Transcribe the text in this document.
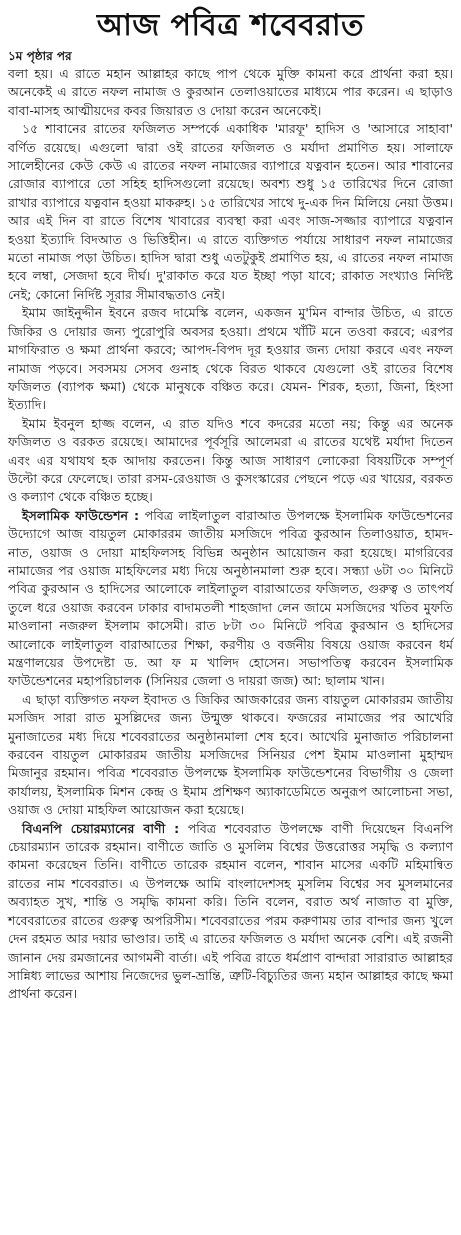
আজ পবিত্র শবেবরাত

১ম পৃষ্ঠার পর

বলা হয়। এ রাতে মহান আল্লাহর কাছে পাপ থেকে মুক্তি কামনা করে প্রার্থনা করা হয়। অনেকেই এ রাতে নফল নামাজ ও কুরআন তেলাওয়াতের মাধ্যমে পার করেন। এ ছাড়াও বাবা-মাসহ আত্মীয়দের কবর জিয়ারত ও দোয়া করেন অনেকেই।

১৫ শাবানের রাতের ফজিলত সম্পর্কে একাধিক 'মারফূ' হাদিস ও 'আসারে সাহাবা' বর্ণিত রয়েছে। এগুলো দ্বারা ওই রাতের ফজিলত ও মর্যাদা প্রমাণিত হয়। সালাফে সালেহীনের কেউ কেউ এ রাতের নফল নামাজের ব্যাপারে যত্নবান হতেন। আর শাবানের রোজার ব্যাপারে তো সহিহ হাদিসগুলো রয়েছে। অবশ্য শুধু ১৫ তারিখের দিনে রোজা রাখার ব্যাপারে যত্নবান হওয়া মাকরুহ। ১৫ তারিখের সাথে দু-এক দিন মিলিয়ে নেয়া উত্তম। আর এই দিন বা রাতে বিশেষ খাবারের ব্যবস্থা করা এবং সাজ-সজ্জার ব্যাপারে যত্নবান হওয়া ইত্যাদি বিদআত ও ভিত্তিহীন। এ রাতে ব্যক্তিগত পর্যায়ে সাধারণ নফল নামাজের মতো নামাজ পড়া উচিত। হাদিস দ্বারা শুধু এতটুকুই প্রমাণিত হয়, এ রাতের নফল নামাজ হবে লম্বা, সেজদা হবে দীর্ঘ। দু'রাকাত করে যত ইচ্ছা পড়া যাবে; রাকাত সংখ্যাও নির্দিষ্ট নেই; কোনো নির্দিষ্ট সূরার সীমাবদ্ধতাও নেই।

ইমাম জাইনুদ্দীন ইবনে রজব দামেস্কি বলেন, একজন মু'মিন বান্দার উচিত, এ রাতে জিকির ও দোয়ার জন্য পুরোপুরি অবসর হওয়া। প্রথমে খাঁটি মনে তওবা করবে; এরপর মাগফিরাত ও ক্ষমা প্রার্থনা করবে; আপদ-বিপদ দূর হওয়ার জন্য দোয়া করবে এবং নফল নামাজ পড়বে। সবসময় সেসব গুনাহ থেকে বিরত থাকবে যেগুলো ওই রাতের বিশেষ ফজিলত (ব্যাপক ক্ষমা) থেকে মানুষকে বঞ্চিত করে। যেমন- শিরক, হত্যা, জিনা, হিংসা ইত্যাদি।

ইমাম ইবনুল হাজ্জ বলেন, এ রাত যদিও শবে কদরের মতো নয়; কিন্তু এর অনেক ফজিলত ও বরকত রয়েছে। আমাদের পূর্বসূরি আলেমরা এ রাতের যথেষ্ট মর্যাদা দিতেন এবং এর যথাযথ হক আদায় করতেন। কিন্তু আজ সাধারণ লোকেরা বিষয়টিকে সম্পূর্ণ উল্টো করে ফেলেছে। তারা রসম-রেওয়াজ ও কুসংস্কারের পেছনে পড়ে এর খায়ের, বরকত ও কল্যাণ থেকে বঞ্চিত হচ্ছে।

ইসলামিক ফাউন্ডেশন : পবিত্র লাইলাতুল বারাআত উপলক্ষে ইসলামিক ফাউন্ডেশনের উদ্যোগে আজ বায়তুল মোকাররম জাতীয় মসজিদে পবিত্র কুরআন তিলাওয়াত, হামদ-নাত, ওয়াজ ও দোয়া মাহফিলসহ বিভিন্ন অনুষ্ঠান আয়োজন করা হয়েছে। মাগরিবের নামাজের পর ওয়াজ মাহফিলের মধ্য দিয়ে অনুষ্ঠানমালা শুরু হবে। সন্ধ্যা ৬টা ৩০ মিনিটে পবিত্র কুরআন ও হাদিসের আলোকে লাইলাতুল বারাআতের ফজিলত, গুরুত্ব ও তাৎপর্য তুলে ধরে ওয়াজ করবেন ঢাকার বাদামতলী শাহজাদা লেন জামে মসজিদের খতিব মুফতি মাওলানা নজরুল ইসলাম কাসেমী। রাত ৮টা ৩০ মিনিটে পবিত্র কুরআন ও হাদিসের আলোকে লাইলাতুল বারাআতের শিক্ষা, করণীয় ও বর্জনীয় বিষয়ে ওয়াজ করবেন ধর্ম মন্ত্রণালয়ের উপদেষ্টা ড. আ ফ ম খালিদ হোসেন। সভাপতিত্ব করবেন ইসলামিক ফাউন্ডেশনের মহাপরিচালক (সিনিয়র জেলা ও দায়রা জজ) আ: ছালাম খান।

এ ছাড়া ব্যক্তিগত নফল ইবাদত ও জিকির আজকারের জন্য বায়তুল মোকাররম জাতীয় মসজিদ সারা রাত মুসল্লিদের জন্য উন্মুক্ত থাকবে। ফজরের নামাজের পর আখেরি মুনাজাতের মধ্য দিয়ে শবেবরাতের অনুষ্ঠানমালা শেষ হবে। আখেরি মুনাজাত পরিচালনা করবেন বায়তুল মোকাররম জাতীয় মসজিদের সিনিয়র পেশ ইমাম মাওলানা মুহাম্মদ মিজানুর রহমান। পবিত্র শবেবরাত উপলক্ষে ইসলামিক ফাউন্ডেশনের বিভাগীয় ও জেলা কার্যালয়, ইসলামিক মিশন কেন্দ্র ও ইমাম প্রশিক্ষণ অ্যাকাডেমিতে অনুরূপ আলোচনা সভা, ওয়াজ ও দোয়া মাহফিল আয়োজন করা হয়েছে।

বিএনপি চেয়ারম্যানের বাণী : পবিত্র শবেবরাত উপলক্ষে বাণী দিয়েছেন বিএনপি চেয়ারম্যান তারেক রহমান। বাণীতে জাতি ও মুসলিম বিশ্বের উত্তরোত্তর সমৃদ্ধি ও কল্যাণ কামনা করেছেন তিনি। বাণীতে তারেক রহমান বলেন, শাবান মাসের একটি মহিমান্বিত রাতের নাম শবেবরাত। এ উপলক্ষে আমি বাংলাদেশসহ মুসলিম বিশ্বের সব মুসলমানের অব্যাহত সুখ, শান্তি ও সমৃদ্ধি কামনা করি। তিনি বলেন, বরাত অর্থ নাজাত বা মুক্তি, শবেবরাতের রাতের গুরুত্ব অপরিসীম। শবেবরাতের পরম করুণাময় তার বান্দার জন্য খুলে দেন রহমত আর দয়ার ভাণ্ডার। তাই এ রাতের ফজিলত ও মর্যাদা অনেক বেশি। এই রজনী জানান দেয় রমজানের আগমনী বার্তা। এই পবিত্র রাতে ধর্মপ্রাণ বান্দারা সারারাত আল্লাহর সান্নিধ্য লাভের আশায় নিজেদের ভুল-ভ্রান্তি, ত্রুটি-বিচ্যুতির জন্য মহান আল্লাহর কাছে ক্ষমা প্রার্থনা করেন।
